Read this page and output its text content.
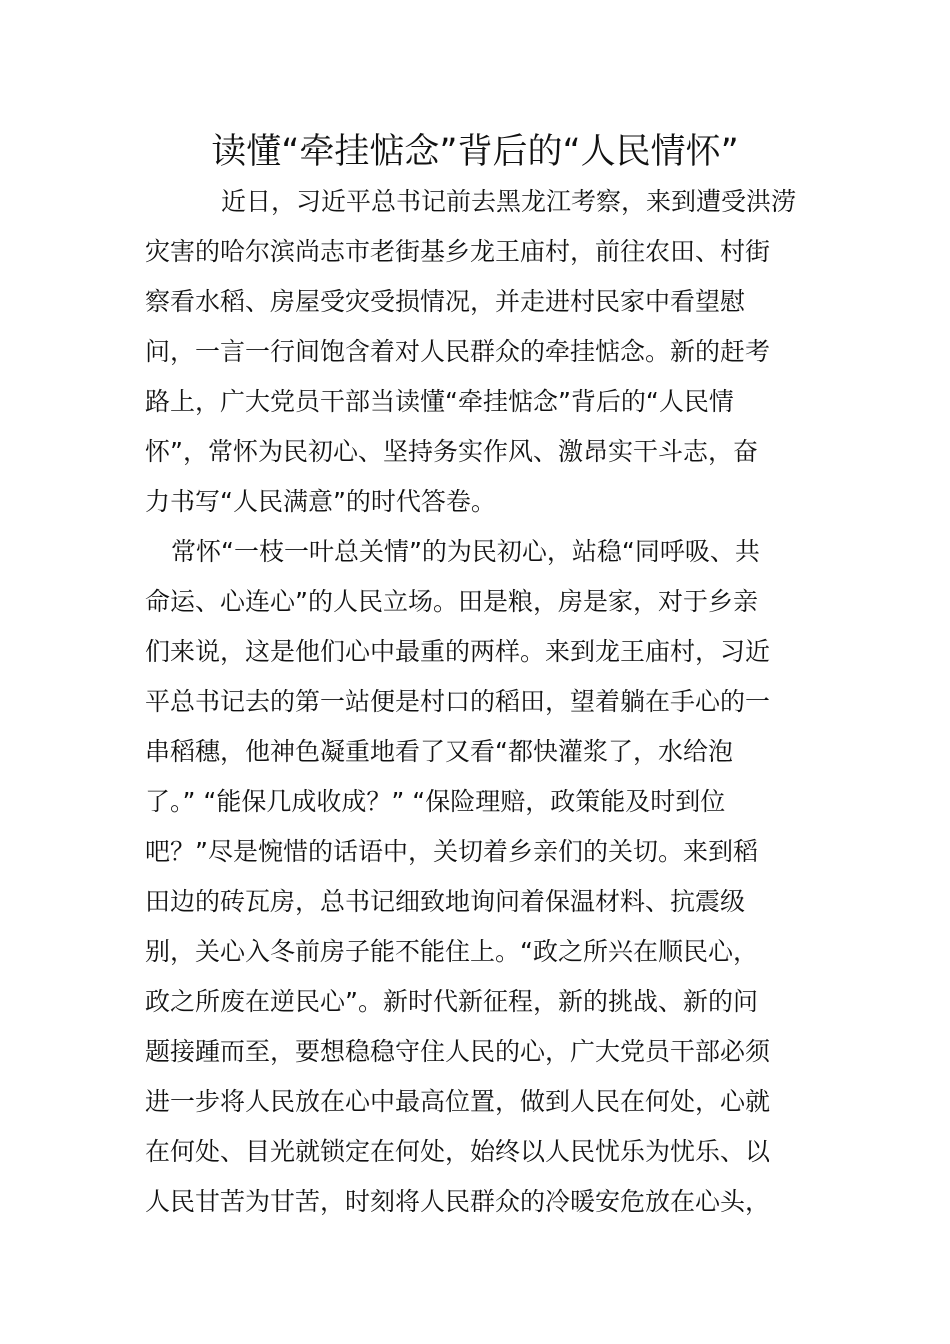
读懂“牵挂惦念”背后的“人民情怀”
近日，习近平总书记前去黑龙江考察，来到遭受洪涝
灾害的哈尔滨尚志市老街基乡龙王庙村，前往农田、村街
察看水稻、房屋受灾受损情况，并走进村民家中看望慰
问，一言一行间饱含着对人民群众的牵挂惦念。新的赶考
路上，广大党员干部当读懂“牵挂惦念”背后的“人民情
怀”，常怀为民初心、坚持务实作风、激昂实干斗志，奋
力书写“人民满意”的时代答卷。
常怀“一枝一叶总关情”的为民初心，站稳“同呼吸、共
命运、心连心”的人民立场。田是粮，房是家，对于乡亲
们来说，这是他们心中最重的两样。来到龙王庙村，习近
平总书记去的第一站便是村口的稻田，望着躺在手心的一
串稻穗，他神色凝重地看了又看“都快灌浆了，水给泡
了。” “能保几成收成？” “保险理赔，政策能及时到位
吧？”尽是惋惜的话语中，关切着乡亲们的关切。来到稻
田边的砖瓦房，总书记细致地询问着保温材料、抗震级
别，关心入冬前房子能不能住上。“政之所兴在顺民心，
政之所废在逆民心”。新时代新征程，新的挑战、新的问
题接踵而至，要想稳稳守住人民的心，广大党员干部必须
进一步将人民放在心中最高位置，做到人民在何处，心就
在何处、目光就锁定在何处，始终以人民忧乐为忧乐、以
人民甘苦为甘苦，时刻将人民群众的冷暖安危放在心头，
